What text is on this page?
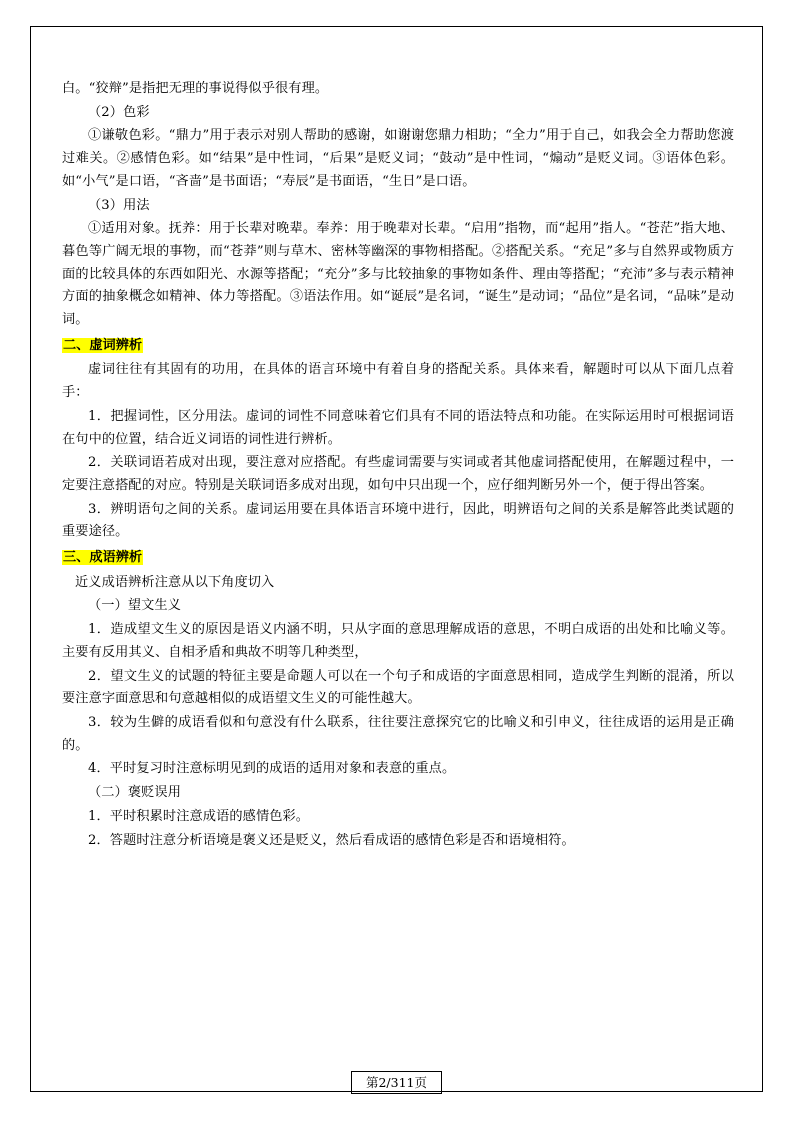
白。“狡辩”是指把无理的事说得似乎很有理。

（2）色彩

①谦敬色彩。“鼎力”用于表示对别人帮助的感谢，如谢谢您鼎力相助；“全力”用于自己，如我会全力帮助您渡过难关。②感情色彩。如“结果”是中性词，“后果”是贬义词；“鼓动”是中性词，“煽动”是贬义词。③语体色彩。如“小气”是口语，“吝啬”是书面语；“寿辰”是书面语，“生日”是口语。

（3）用法

①适用对象。抚养：用于长辈对晚辈。奉养：用于晚辈对长辈。“启用”指物，而“起用”指人。“苍茫”指大地、暮色等广阔无垠的事物，而“苍莽”则与草木、密林等幽深的事物相搭配。②搭配关系。“充足”多与自然界或物质方面的比较具体的东西如阳光、水源等搭配；“充分”多与比较抽象的事物如条件、理由等搭配；“充沛”多与表示精神方面的抽象概念如精神、体力等搭配。③语法作用。如“诞辰”是名词，“诞生”是动词；“品位”是名词，“品味”是动词。

二、虚词辨析

虚词往往有其固有的功用，在具体的语言环境中有着自身的搭配关系。具体来看，解题时可以从下面几点着手：

1．把握词性，区分用法。虚词的词性不同意味着它们具有不同的语法特点和功能。在实际运用时可根据词语在句中的位置，结合近义词语的词性进行辨析。

2．关联词语若成对出现，要注意对应搭配。有些虚词需要与实词或者其他虚词搭配使用，在解题过程中，一定要注意搭配的对应。特别是关联词语多成对出现，如句中只出现一个，应仔细判断另外一个，便于得出答案。

3．辨明语句之间的关系。虚词运用要在具体语言环境中进行，因此，明辨语句之间的关系是解答此类试题的重要途径。

三、成语辨析

近义成语辨析注意从以下角度切入

（一）望文生义

1．造成望文生义的原因是语义内涵不明，只从字面的意思理解成语的意思，不明白成语的出处和比喻义等。主要有反用其义、自相矛盾和典故不明等几种类型，

2．望文生义的试题的特征主要是命题人可以在一个句子和成语的字面意思相同，造成学生判断的混淆，所以要注意字面意思和句意越相似的成语望文生义的可能性越大。

3．较为生僻的成语看似和句意没有什么联系，往往要注意探究它的比喻义和引申义，往往成语的运用是正确的。

4．平时复习时注意标明见到的成语的适用对象和表意的重点。

（二）褒贬误用

1．平时积累时注意成语的感情色彩。

2．答题时注意分析语境是褒义还是贬义，然后看成语的感情色彩是否和语境相符。

第2/311页
